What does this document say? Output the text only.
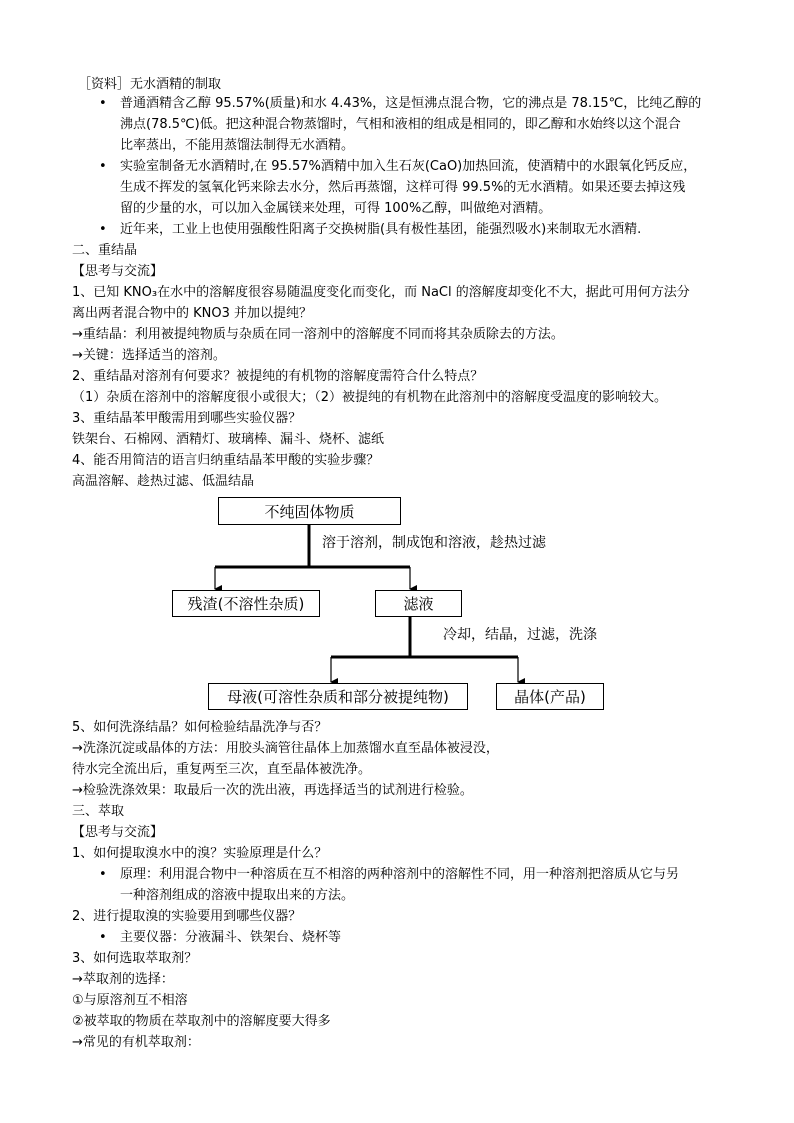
［资料］无水酒精的制取
• 普通酒精含乙醇 95.57%(质量)和水 4.43%，这是恒沸点混合物，它的沸点是 78.15℃，比纯乙醇的
沸点(78.5℃)低。把这种混合物蒸馏时，气相和液相的组成是相同的，即乙醇和水始终以这个混合
比率蒸出，不能用蒸馏法制得无水酒精。
• 实验室制备无水酒精时,在 95.57%酒精中加入生石灰(CaO)加热回流，使酒精中的水跟氧化钙反应，
生成不挥发的氢氧化钙来除去水分，然后再蒸馏，这样可得 99.5%的无水酒精。如果还要去掉这残
留的少量的水，可以加入金属镁来处理，可得 100%乙醇，叫做绝对酒精。
• 近年来，工业上也使用强酸性阳离子交换树脂(具有极性基团，能强烈吸水)来制取无水酒精.
二、重结晶
【思考与交流】
1、已知 KNO₃在水中的溶解度很容易随温度变化而变化，而 NaCl 的溶解度却变化不大，据此可用何方法分
离出两者混合物中的 KNO3 并加以提纯？
→重结晶：利用被提纯物质与杂质在同一溶剂中的溶解度不同而将其杂质除去的方法。
→关键：选择适当的溶剂。
2、重结晶对溶剂有何要求？被提纯的有机物的溶解度需符合什么特点？
（1）杂质在溶剂中的溶解度很小或很大；（2）被提纯的有机物在此溶剂中的溶解度受温度的影响较大。
3、重结晶苯甲酸需用到哪些实验仪器？
铁架台、石棉网、酒精灯、玻璃棒、漏斗、烧杯、滤纸
4、能否用简洁的语言归纳重结晶苯甲酸的实验步骤？
高温溶解、趁热过滤、低温结晶
不纯固体物质
溶于溶剂，制成饱和溶液，趁热过滤
残渣(不溶性杂质)	滤液
冷却，结晶，过滤，洗涤
母液(可溶性杂质和部分被提纯物)	晶体(产品)
5、如何洗涤结晶？如何检验结晶洗净与否？
→洗涤沉淀或晶体的方法：用胶头滴管往晶体上加蒸馏水直至晶体被浸没，
待水完全流出后，重复两至三次，直至晶体被洗净。
→检验洗涤效果：取最后一次的洗出液，再选择适当的试剂进行检验。
三、萃取
【思考与交流】
1、如何提取溴水中的溴？实验原理是什么？
• 原理：利用混合物中一种溶质在互不相溶的两种溶剂中的溶解性不同，用一种溶剂把溶质从它与另
一种溶剂组成的溶液中提取出来的方法。
2、进行提取溴的实验要用到哪些仪器？
• 主要仪器：分液漏斗、铁架台、烧杯等
3、如何选取萃取剂？
→萃取剂的选择：
①与原溶剂互不相溶
②被萃取的物质在萃取剂中的溶解度要大得多
→常见的有机萃取剂：
